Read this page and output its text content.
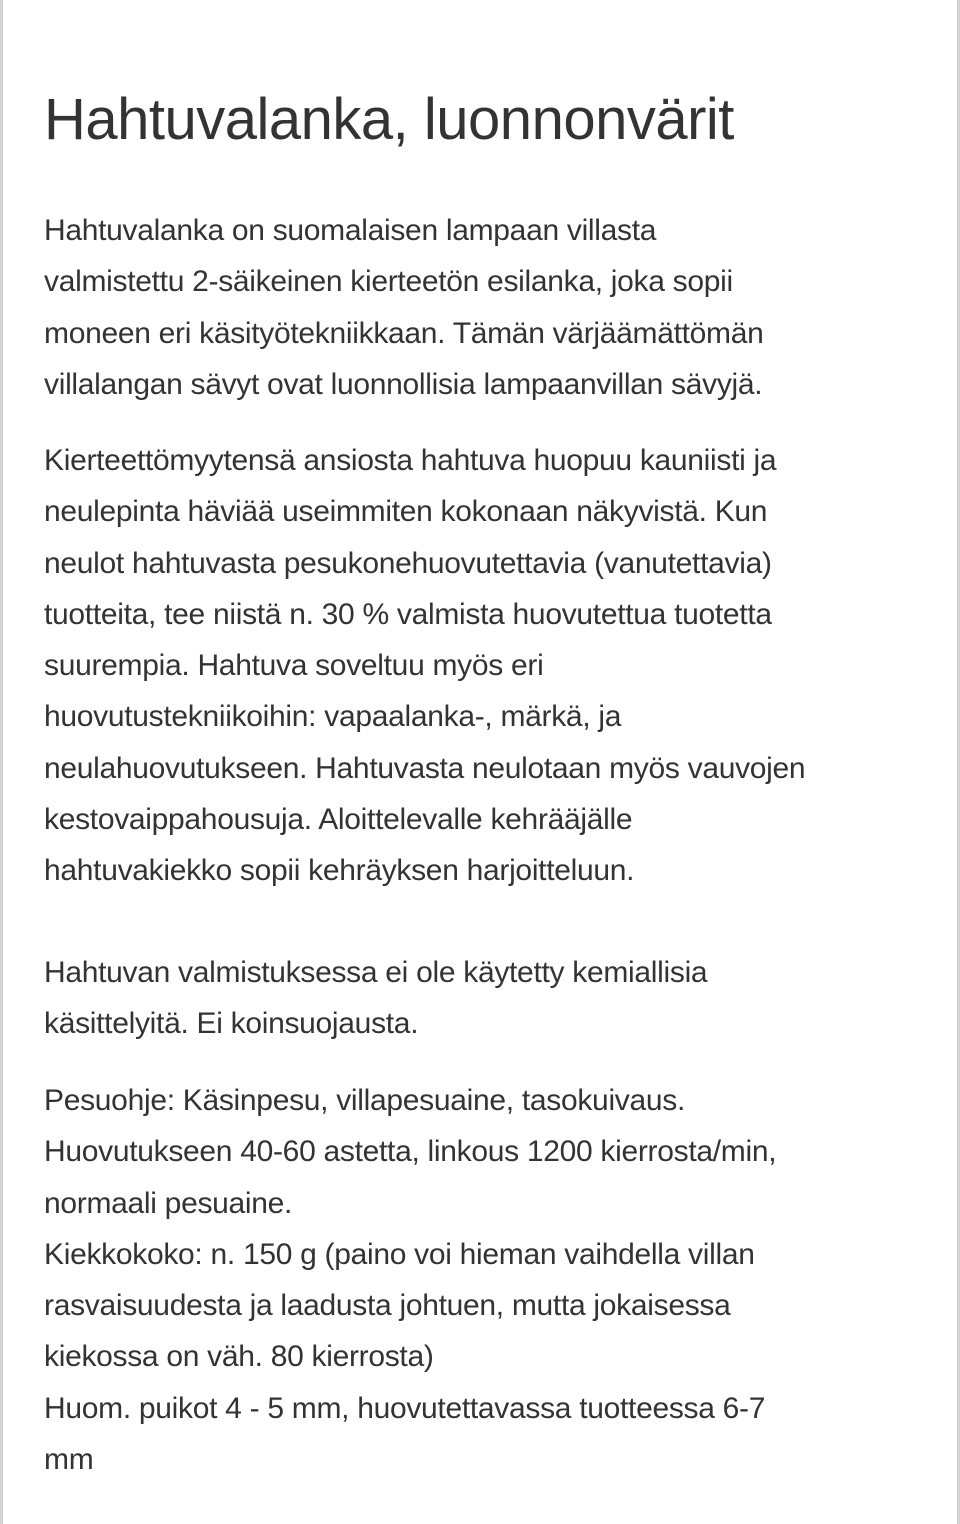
Hahtuvalanka, luonnonvärit

Hahtuvalanka on suomalaisen lampaan villasta
valmistettu 2-säikeinen kierteetön esilanka, joka sopii
moneen eri käsityötekniikkaan. Tämän värjäämättömän
villalangan sävyt ovat luonnollisia lampaanvillan sävyjä.

Kierteettömyytensä ansiosta hahtuva huopuu kauniisti ja
neulepinta häviää useimmiten kokonaan näkyvistä. Kun
neulot hahtuvasta pesukonehuovutettavia (vanutettavia)
tuotteita, tee niistä n. 30 % valmista huovutettua tuotetta
suurempia. Hahtuva soveltuu myös eri
huovutustekniikoihin: vapaalanka-, märkä, ja
neulahuovutukseen. Hahtuvasta neulotaan myös vauvojen
kestovaippahousuja. Aloittelevalle kehrääjälle
hahtuvakiekko sopii kehräyksen harjoitteluun.

Hahtuvan valmistuksessa ei ole käytetty kemiallisia
käsittelyitä. Ei koinsuojausta.

Pesuohje: Käsinpesu, villapesuaine, tasokuivaus.
Huovutukseen 40-60 astetta, linkous 1200 kierrosta/min,
normaali pesuaine.
Kiekkokoko: n. 150 g (paino voi hieman vaihdella villan
rasvaisuudesta ja laadusta johtuen, mutta jokaisessa
kiekossa on väh. 80 kierrosta)
Huom. puikot 4 - 5 mm, huovutettavassa tuotteessa 6-7
mm
